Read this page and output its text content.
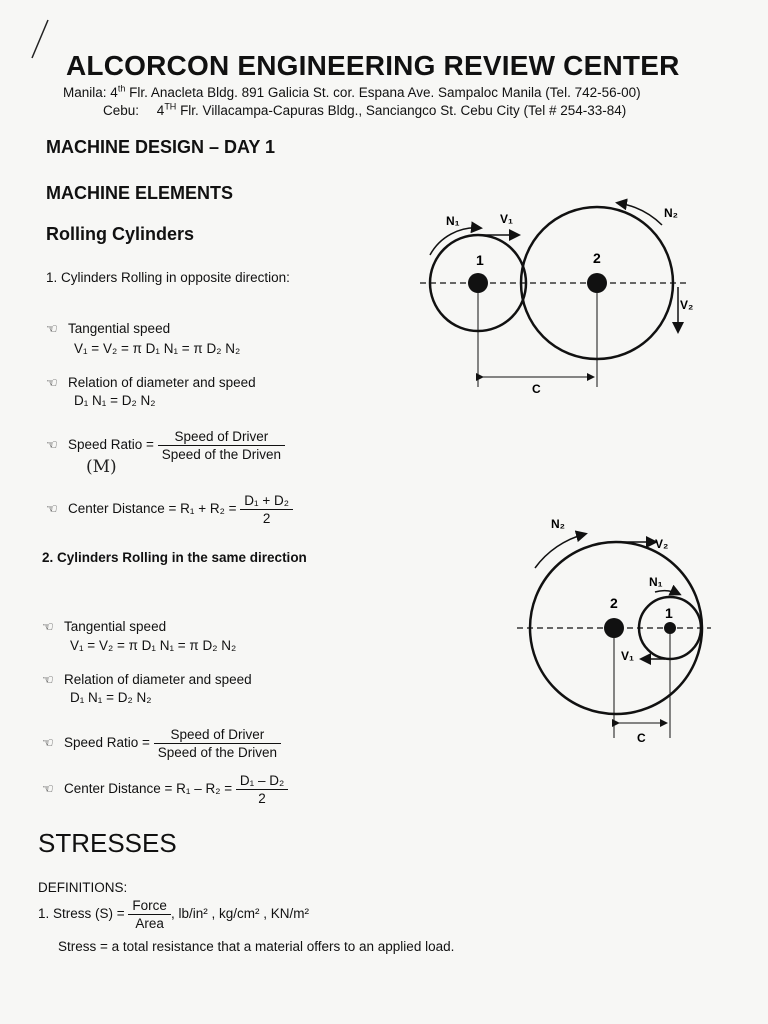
ALCORCON ENGINEERING REVIEW CENTER
Manila: 4th Flr. Anacleta Bldg. 891 Galicia St. cor. Espana Ave. Sampaloc Manila (Tel. 742-56-00)
Cebu: 4TH Flr. Villacampa-Capuras Bldg., Sanciangco St. Cebu City (Tel # 254-33-84)
MACHINE DESIGN – DAY 1
MACHINE ELEMENTS
Rolling Cylinders
1. Cylinders Rolling in opposite direction:
☜ Tangential speed
V₁ = V₂ = π D₁ N₁ = π D₂ N₂
☜ Relation of diameter and speed
D₁ N₁ = D₂ N₂
☜ Speed Ratio = $\frac{\text{Speed of Driver}}{\text{Speed of the Driven}}$
(M)
☜ Center Distance = $R_1 + R_2 = \frac{\text{D₁ + D₂}}{2}$
2. Cylinders Rolling in the same direction
☜ Tangential speed
V₁ = V₂ = π D₁ N₁ = π D₂ N₂
☜ Relation of diameter and speed
D₁ N₁ = D₂ N₂
☜ Speed Ratio = $\frac{\text{Speed of Driver}}{\text{Speed of the Driven}}$
☜ Center Distance = $R_1 - R_2 = \frac{\text{D₁ – D₂}}{2}$
STRESSES
DEFINITIONS:
1. Stress $(S) = \frac{\text{Force}}{\text{Area}}$ , lb/in² , kg/cm² , KN/m²
Stress = a total resistance that a material offers to an applied load.
N₁	V₁	N₂
V₂
1	2
C
N₂
V₂
N₁
V₁
2
1
C
